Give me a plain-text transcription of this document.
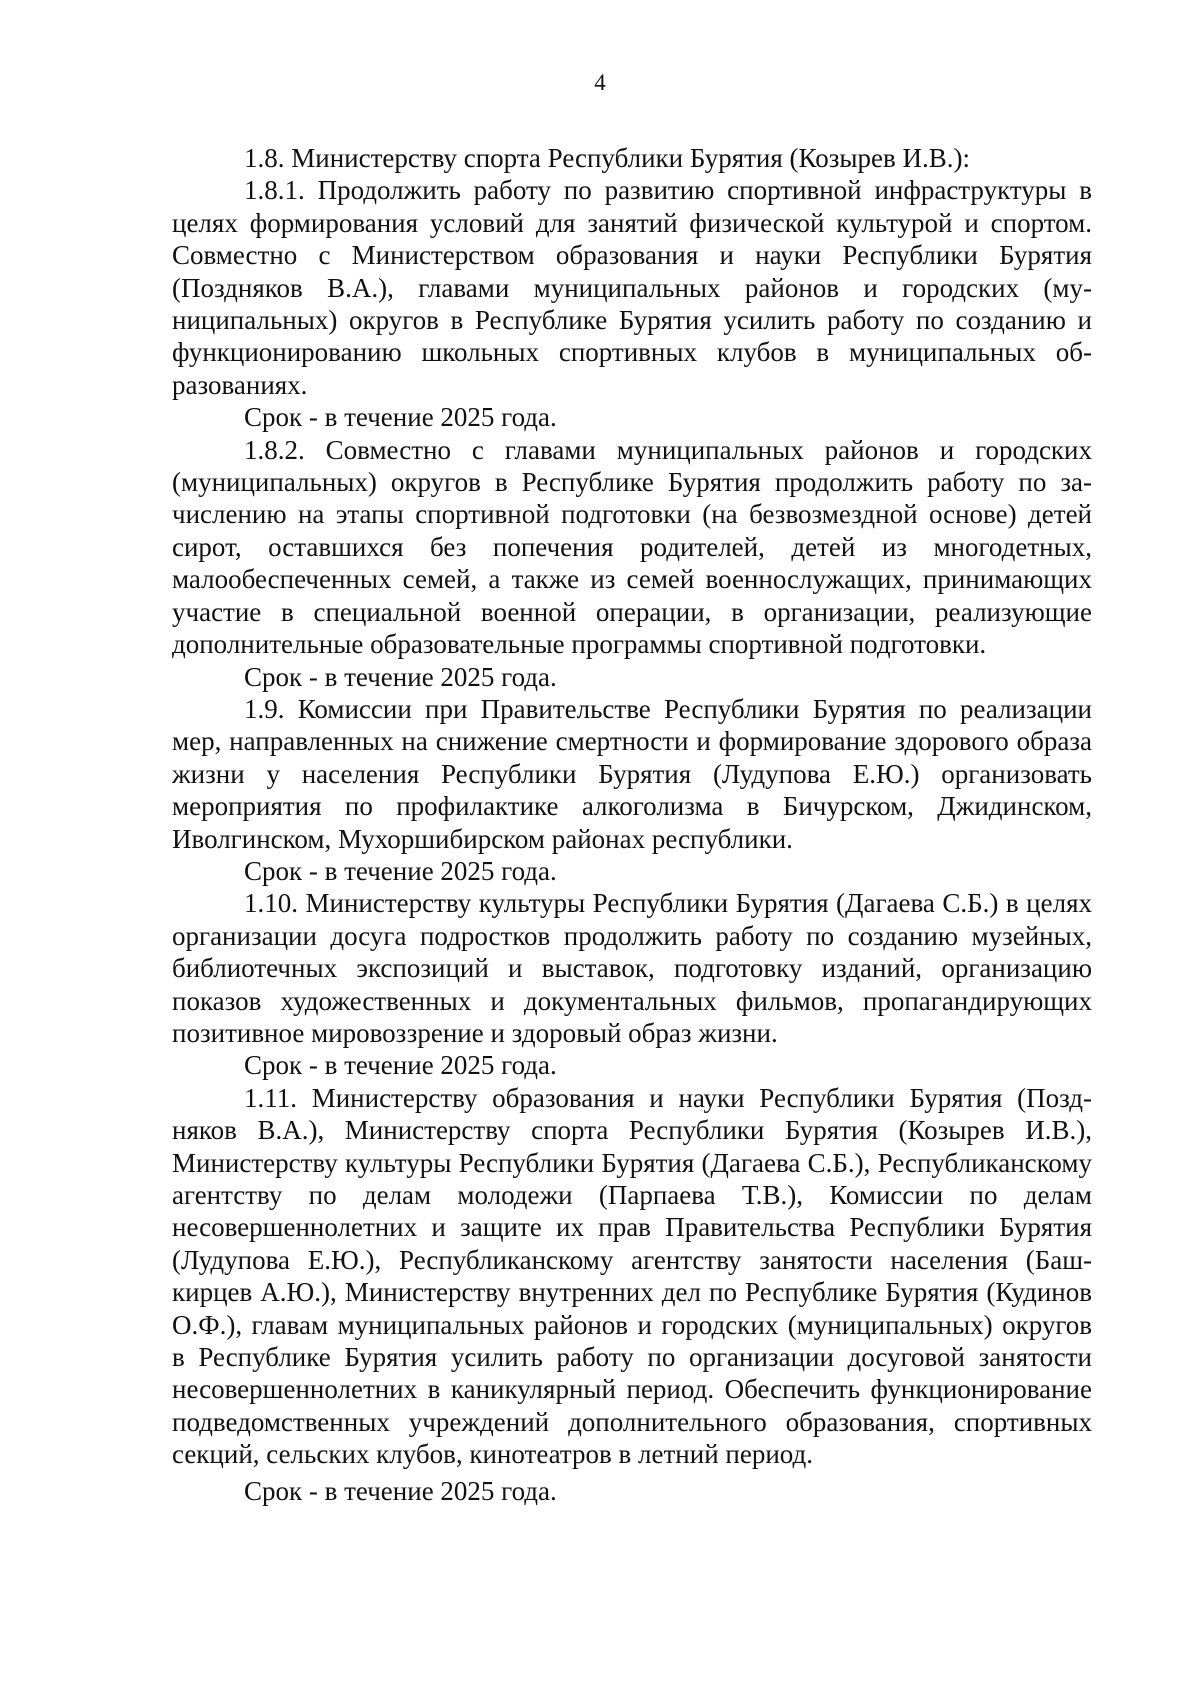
4

1.8. Министерству спорта Республики Бурятия (Козырев И.В.):

1.8.1. Продолжить работу по развитию спортивной инфраструктуры в целях формирования условий для занятий физической культурой и спортом. Совместно с Министерством образования и науки Республики Бурятия (Поздняков В.А.), главами муниципальных районов и городских (муниципальных) округов в Республике Бурятия усилить работу по созданию и функционированию школьных спортивных клубов в муниципальных образованиях.

Срок - в течение 2025 года.

1.8.2. Совместно с главами муниципальных районов и городских (муниципальных) округов в Республике Бурятия продолжить работу по зачислению на этапы спортивной подготовки (на безвозмездной основе) детей сирот, оставшихся без попечения родителей, детей из многодетных, малообеспеченных семей, а также из семей военнослужащих, принимающих участие в специальной военной операции, в организации, реализующие дополнительные образовательные программы спортивной подготовки.

Срок - в течение 2025 года.

1.9. Комиссии при Правительстве Республики Бурятия по реализации мер, направленных на снижение смертности и формирование здорового образа жизни у населения Республики Бурятия (Лудупова Е.Ю.) организовать мероприятия по профилактике алкоголизма в Бичурском, Джидинском, Иволгинском, Мухоршибирском районах республики.

Срок - в течение 2025 года.

1.10. Министерству культуры Республики Бурятия (Дагаева С.Б.) в целях организации досуга подростков продолжить работу по созданию музейных, библиотечных экспозиций и выставок, подготовку изданий, организацию показов художественных и документальных фильмов, пропагандирующих позитивное мировоззрение и здоровый образ жизни.

Срок - в течение 2025 года.

1.11. Министерству образования и науки Республики Бурятия (Поздняков В.А.), Министерству спорта Республики Бурятия (Козырев И.В.), Министерству культуры Республики Бурятия (Дагаева С.Б.), Республиканскому агентству по делам молодежи (Парпаева Т.В.), Комиссии по делам несовершеннолетних и защите их прав Правительства Республики Бурятия (Лудупова Е.Ю.), Республиканскому агентству занятости населения (Башкирцев А.Ю.), Министерству внутренних дел по Республике Бурятия (Кудинов О.Ф.), главам муниципальных районов и городских (муниципальных) округов в Республике Бурятия усилить работу по организации досуговой занятости несовершеннолетних в каникулярный период. Обеспечить функционирование подведомственных учреждений дополнительного образования, спортивных секций, сельских клубов, кинотеатров в летний период.

Срок - в течение 2025 года.
